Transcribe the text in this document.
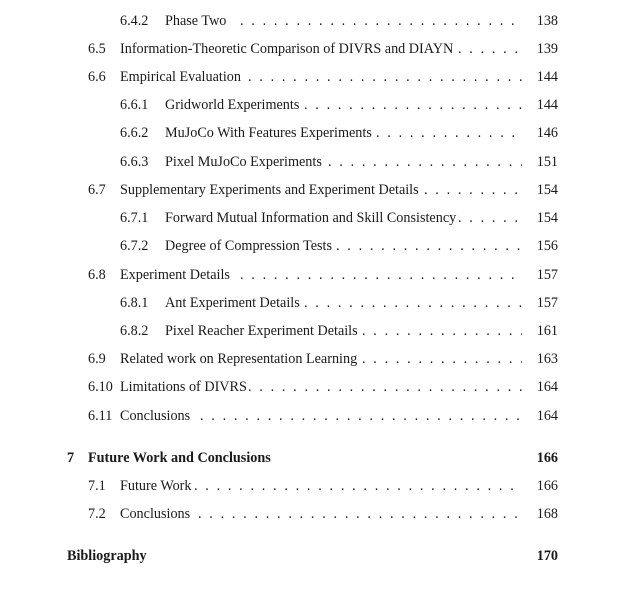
6.4.2 Phase Two . . .	138
6.5 Information-Theoretic Comparison of DIVRS and DIAYN . . .	139
6.6 Empirical Evaluation . . .	144
6.6.1 Gridworld Experiments . . .	144
6.6.2 MuJoCo With Features Experiments . . .	146
6.6.3 Pixel MuJoCo Experiments . . .	151
6.7 Supplementary Experiments and Experiment Details . . .	154
6.7.1 Forward Mutual Information and Skill Consistency . . .	154
6.7.2 Degree of Compression Tests . . .	156
6.8 Experiment Details . . .	157
6.8.1 Ant Experiment Details . . .	157
6.8.2 Pixel Reacher Experiment Details . . .	161
6.9 Related work on Representation Learning . . .	163
6.10 Limitations of DIVRS . . .	164
6.11 Conclusions . . .	164
7 Future Work and Conclusions	166
7.1 Future Work . . .	166
7.2 Conclusions . . .	168
Bibliography	170
